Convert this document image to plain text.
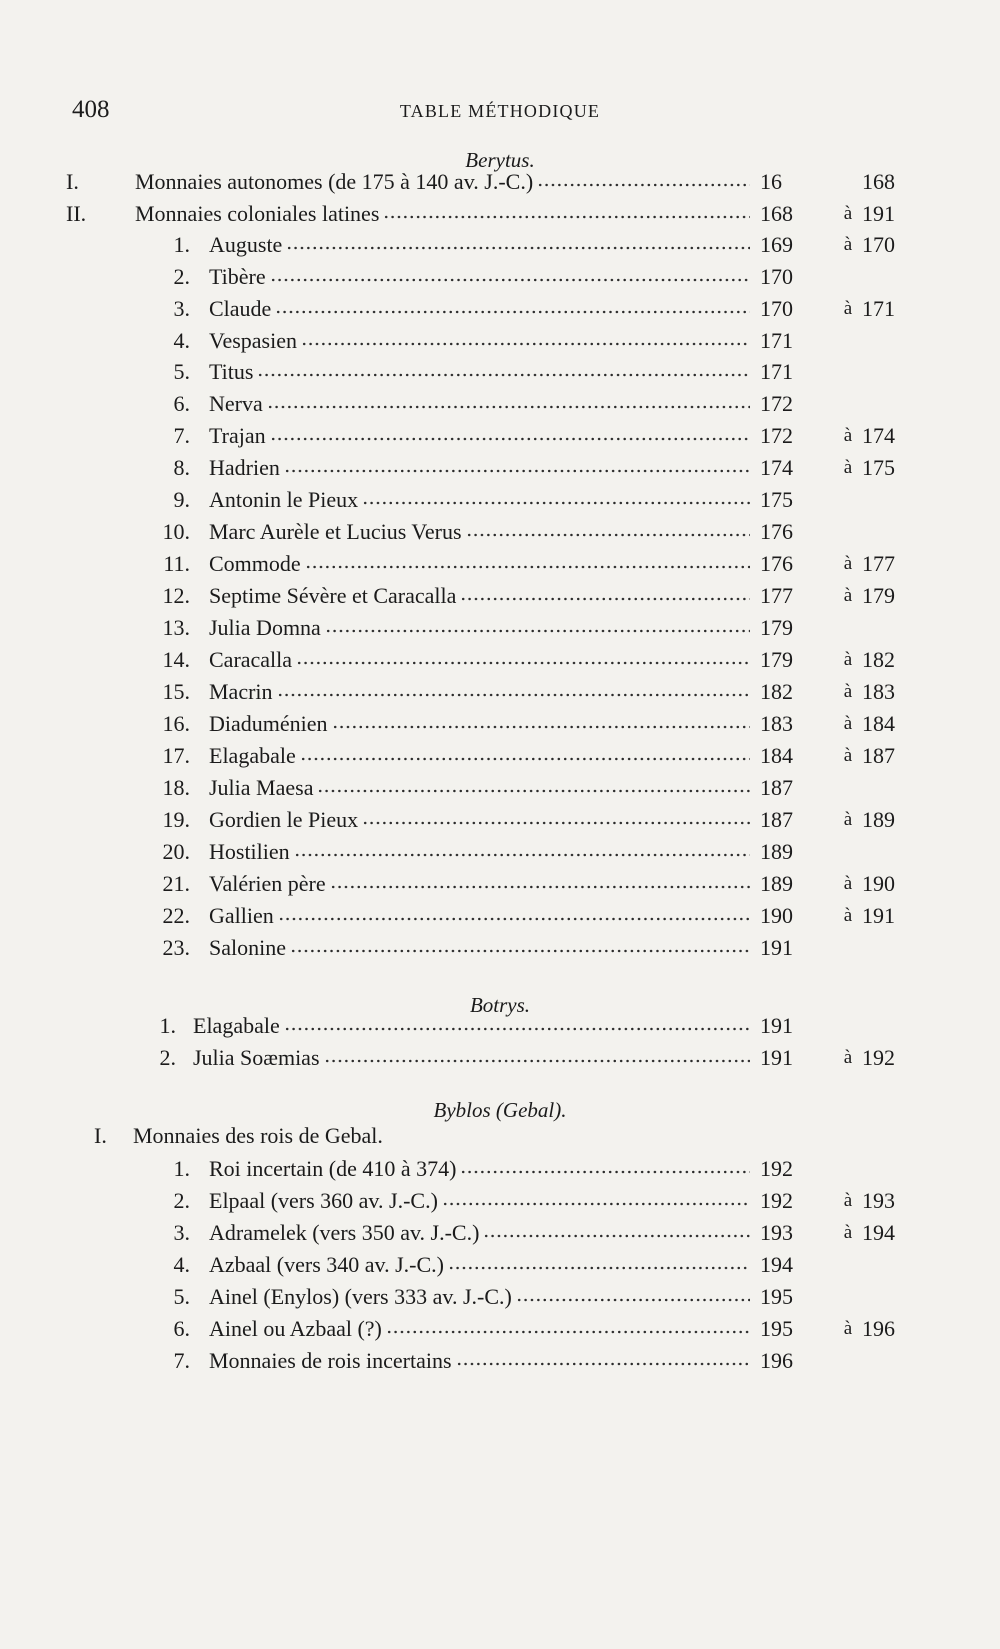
408	TABLE MÉTHODIQUE
Berytus.
Botrys.
Byblos (Gebal).
I.	Monnaies autonomes (de 175 à 140 av. J.-C.)	16	168
II. Monnaies coloniales latines	168	à 191
1. Auguste	169	à 170
2. Tibère	170
3. Claude	170	à 171
4. Vespasien	171
5. Titus	171
6. Nerva	172
7. Trajan	172	à 174
8. Hadrien	174	à 175
9. Antonin le Pieux	175
10. Marc Aurèle et Lucius Verus	176
11. Commode	176	à 177
12. Septime Sévère et Caracalla	177	à 179
13. Julia Domna	179
14. Caracalla	179	à 182
15. Macrin	182	à 183
16. Diaduménien	183	à 184
17. Elagabale	184	à 187
18. Julia Maesa	187
19. Gordien le Pieux	187	à 189
20. Hostilien	189
21. Valérien père	189	à 190
22. Gallien	190	à 191
23. Salonine	191
1. Elagabale	191
2. Julia Soæmias	191	à 192
I. Monnaies des rois de Gebal.
1. Roi incertain (de 410 à 374)	192
2. Elpaal (vers 360 av. J.-C.)	192	à 193
3. Adramelek (vers 350 av. J.-C.)	193	à 194
4. Azbaal (vers 340 av. J.-C.)	194
5. Ainel (Enylos) (vers 333 av. J.-C.)	195
6. Ainel ou Azbaal (?)	195	à 196
7. Monnaies de rois incertains	196
